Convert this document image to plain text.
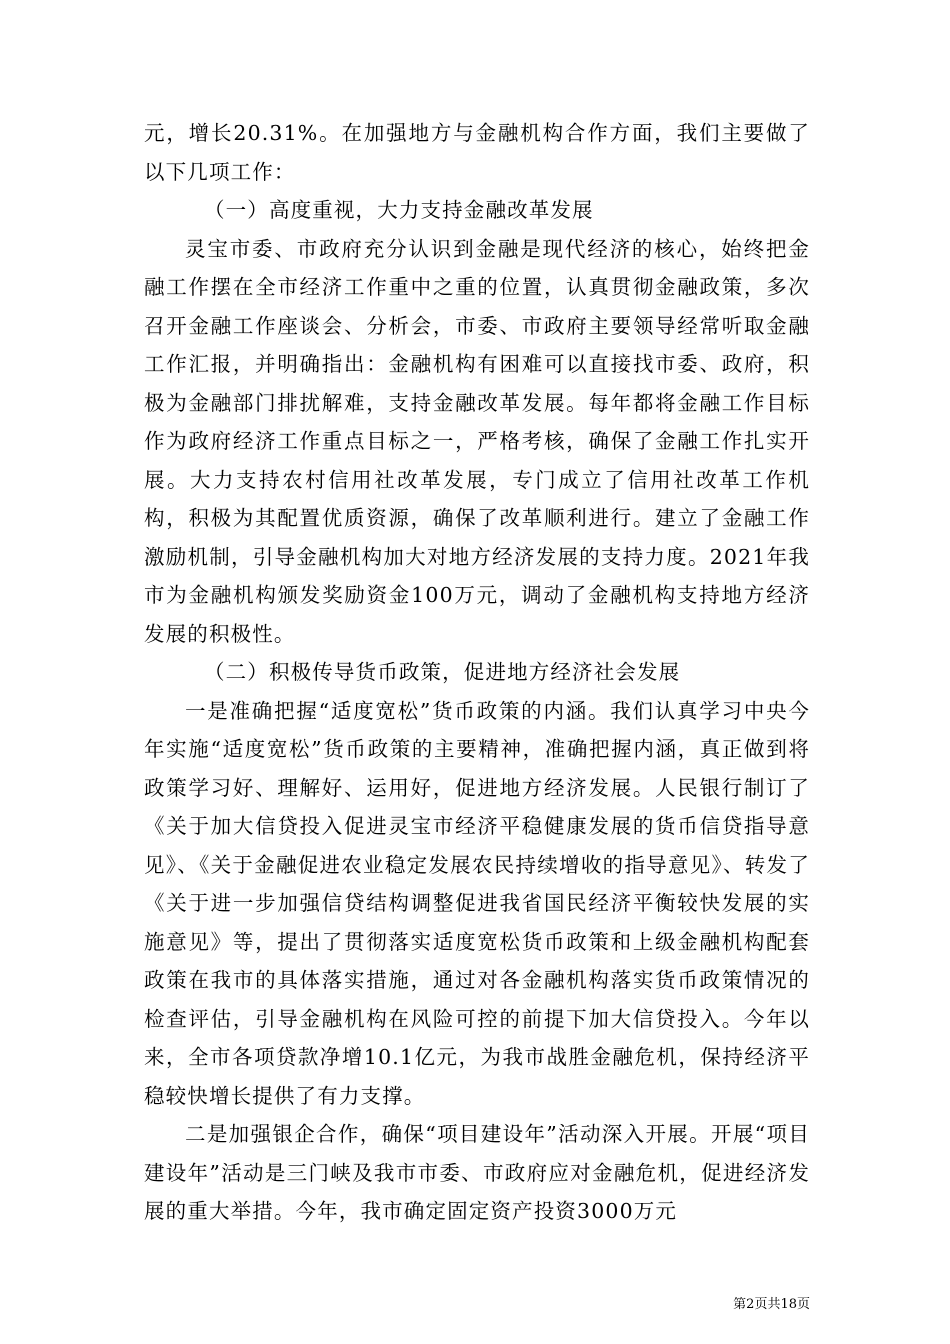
元，增长20.31%。在加强地方与金融机构合作方面，我们主要做了以下几项工作：

（一）高度重视，大力支持金融改革发展

灵宝市委、市政府充分认识到金融是现代经济的核心，始终把金融工作摆在全市经济工作重中之重的位置，认真贯彻金融政策，多次召开金融工作座谈会、分析会，市委、市政府主要领导经常听取金融工作汇报，并明确指出：金融机构有困难可以直接找市委、政府，积极为金融部门排扰解难，支持金融改革发展。每年都将金融工作目标作为政府经济工作重点目标之一，严格考核，确保了金融工作扎实开展。大力支持农村信用社改革发展，专门成立了信用社改革工作机构，积极为其配置优质资源，确保了改革顺利进行。建立了金融工作激励机制，引导金融机构加大对地方经济发展的支持力度。2021年我市为金融机构颁发奖励资金100万元，调动了金融机构支持地方经济发展的积极性。

（二）积极传导货币政策，促进地方经济社会发展

一是准确把握“适度宽松”货币政策的内涵。我们认真学习中央今年实施“适度宽松”货币政策的主要精神，准确把握内涵，真正做到将政策学习好、理解好、运用好，促进地方经济发展。人民银行制订了《关于加大信贷投入促进灵宝市经济平稳健康发展的货币信贷指导意见》、《关于金融促进农业稳定发展农民持续增收的指导意见》、转发了《关于进一步加强信贷结构调整促进我省国民经济平衡较快发展的实施意见》等，提出了贯彻落实适度宽松货币政策和上级金融机构配套政策在我市的具体落实措施，通过对各金融机构落实货币政策情况的检查评估，引导金融机构在风险可控的前提下加大信贷投入。今年以来，全市各项贷款净增10.1亿元，为我市战胜金融危机，保持经济平稳较快增长提供了有力支撑。

二是加强银企合作，确保“项目建设年”活动深入开展。开展“项目建设年”活动是三门峡及我市市委、市政府应对金融危机，促进经济发展的重大举措。今年，我市确定固定资产投资3000万元

第2页共18页
